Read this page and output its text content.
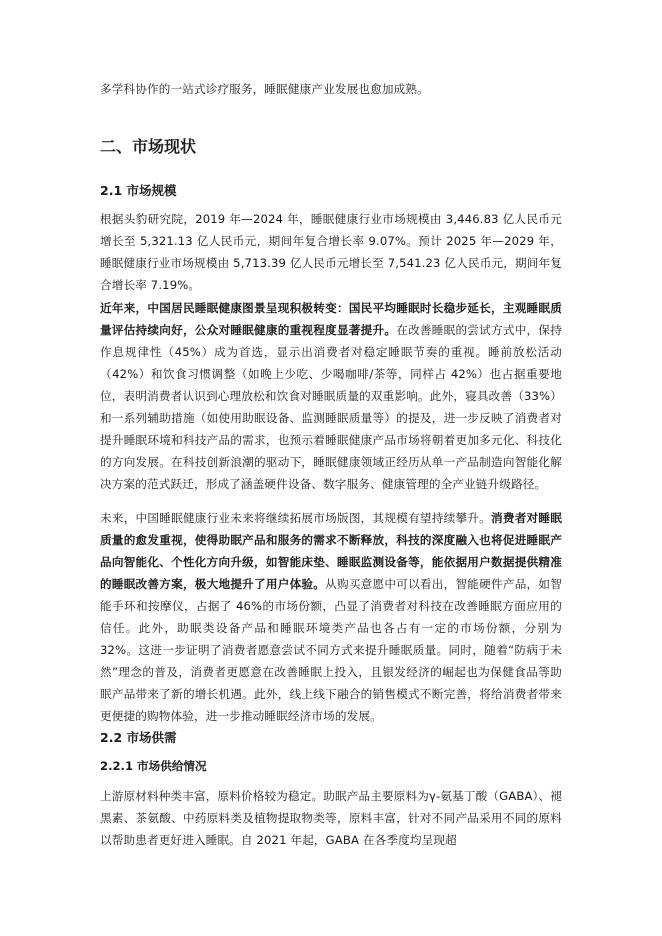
多学科协作的一站式诊疗服务，睡眠健康产业发展也愈加成熟。

二、市场现状
2.1 市场规模

根据头豹研究院，2019 年—2024 年，睡眠健康行业市场规模由 3,446.83 亿人民币元增长至 5,321.13 亿人民币元，期间年复合增长率 9.07%。预计 2025 年—2029 年，睡眠健康行业市场规模由 5,713.39 亿人民币元增长至 7,541.23 亿人民币元，期间年复合增长率 7.19%。

近年来，中国居民睡眠健康图景呈现积极转变：国民平均睡眠时长稳步延长，主观睡眠质量评估持续向好，公众对睡眠健康的重视程度显著提升。在改善睡眠的尝试方式中，保持作息规律性（45%）成为首选，显示出消费者对稳定睡眠节奏的重视。睡前放松活动（42%）和饮食习惯调整（如晚上少吃、少喝咖啡/茶等，同样占 42%）也占据重要地位，表明消费者认识到心理放松和饮食对睡眠质量的双重影响。此外，寝具改善（33%）和一系列辅助措施（如使用助眠设备、监测睡眠质量等）的提及，进一步反映了消费者对提升睡眠环境和科技产品的需求，也预示着睡眠健康产品市场将朝着更加多元化、科技化的方向发展。在科技创新浪潮的驱动下，睡眠健康领域正经历从单一产品制造向智能化解决方案的范式跃迁，形成了涵盖硬件设备、数字服务、健康管理的全产业链升级路径。

未来，中国睡眠健康行业未来将继续拓展市场版图，其规模有望持续攀升。消费者对睡眠质量的愈发重视，使得助眠产品和服务的需求不断释放，科技的深度融入也将促进睡眠产品向智能化、个性化方向升级，如智能床垫、睡眠监测设备等，能依据用户数据提供精准的睡眠改善方案，极大地提升了用户体验。从购买意愿中可以看出，智能硬件产品，如智能手环和按摩仪，占据了 46%的市场份额，凸显了消费者对科技在改善睡眠方面应用的信任。此外，助眠类设备产品和睡眠环境类产品也各占有一定的市场份额，分别为 32%。这进一步证明了消费者愿意尝试不同方式来提升睡眠质量。同时，随着“防病于未然”理念的普及，消费者更愿意在改善睡眠上投入，且银发经济的崛起也为保健食品等助眠产品带来了新的增长机遇。此外，线上线下融合的销售模式不断完善，将给消费者带来更便捷的购物体验，进一步推动睡眠经济市场的发展。

2.2 市场供需
2.2.1 市场供给情况

上游原材料种类丰富，原料价格较为稳定。助眠产品主要原料为γ-氨基丁酸（GABA）、褪黑素、茶氨酸、中药原料类及植物提取物类等，原料丰富，针对不同产品采用不同的原料以帮助患者更好进入睡眠。自 2021 年起，GABA 在各季度均呈现超
